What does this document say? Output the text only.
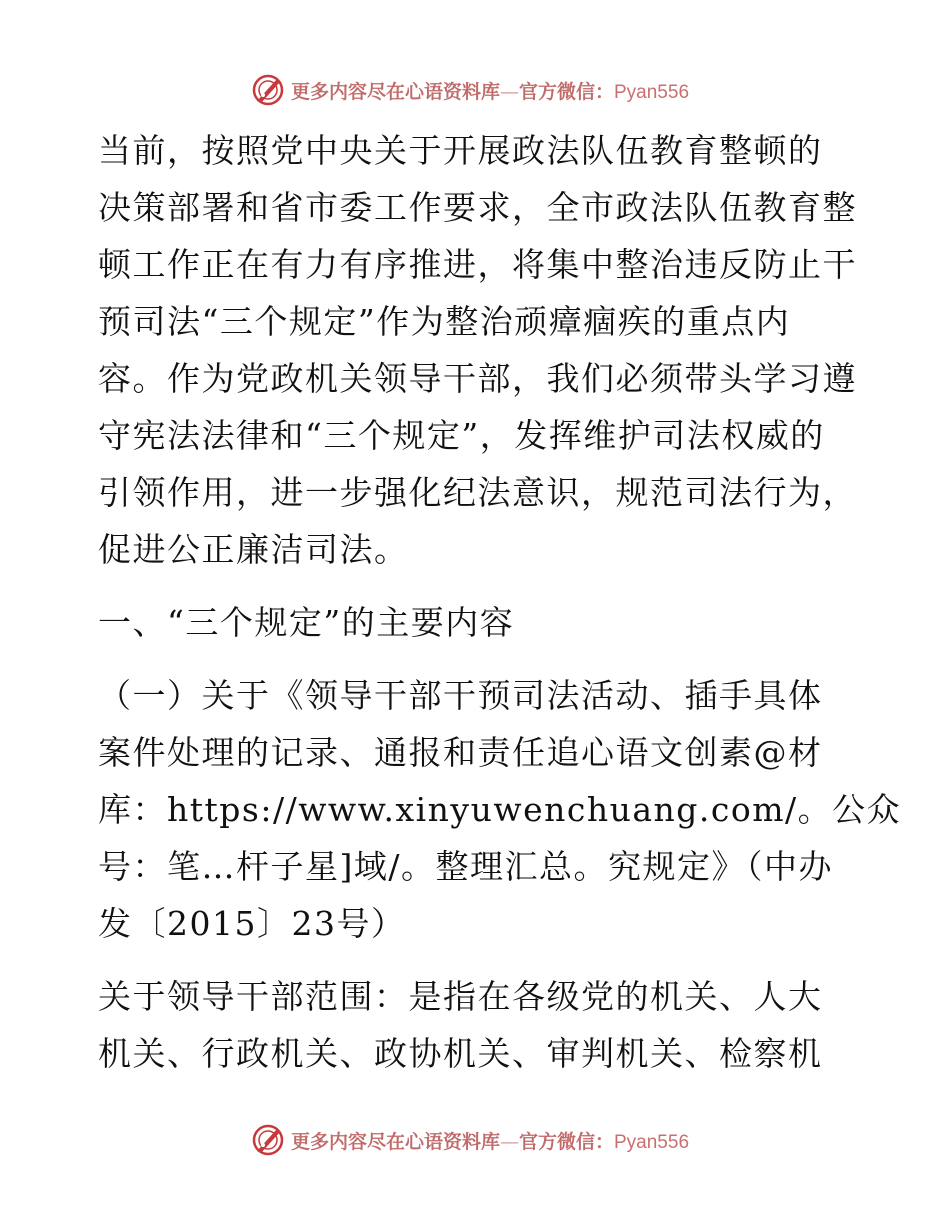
更多内容尽在心语资料库—官方微信：Pyan556

当前，按照党中央关于开展政法队伍教育整顿的
决策部署和省市委工作要求，全市政法队伍教育整
顿工作正在有力有序推进，将集中整治违反防止干
预司法“三个规定”作为整治顽瘴痼疾的重点内
容。作为党政机关领导干部，我们必须带头学习遵
守宪法法律和“三个规定”，发挥维护司法权威的
引领作用，进一步强化纪法意识，规范司法行为，
促进公正廉洁司法。

一、“三个规定”的主要内容

（一）关于《领导干部干预司法活动、插手具体
案件处理的记录、通报和责任追心语文创素@材
库：https://www.xinyuwenchuang.com/。公众
号：笔…杆子星]域/。整理汇总。究规定》（中办
发〔2015〕23号）

关于领导干部范围：是指在各级党的机关、人大
机关、行政机关、政协机关、审判机关、检察机

更多内容尽在心语资料库—官方微信：Pyan556
